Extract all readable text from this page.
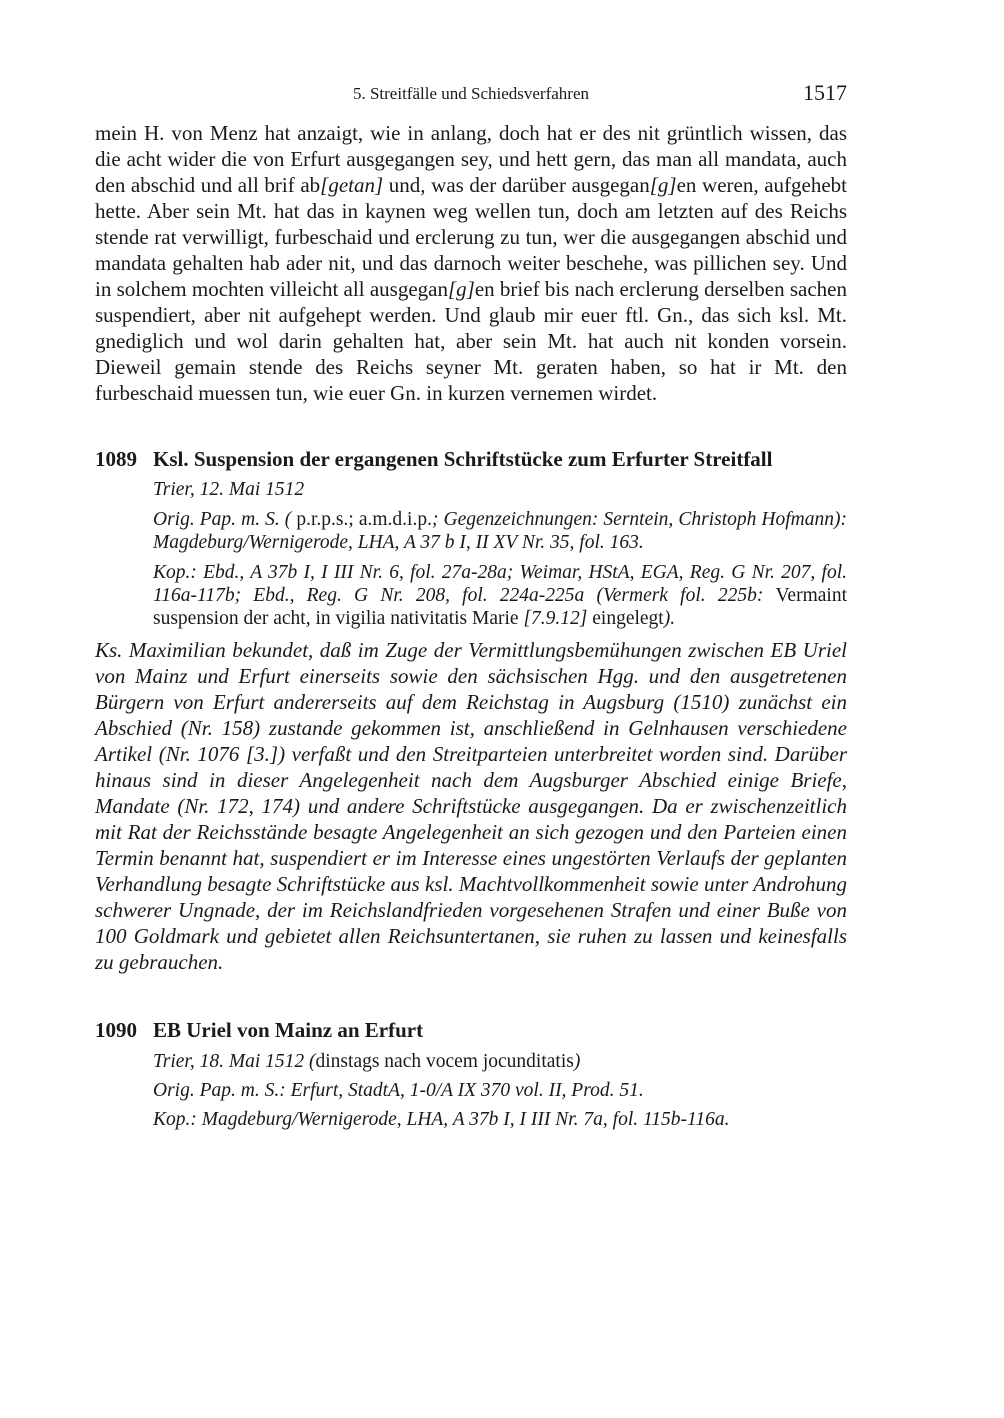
5. Streitfälle und Schiedsverfahren	1517

mein H. von Menz hat anzaigt, wie in anlang, doch hat er des nit grüntlich wissen, das die acht wider die von Erfurt ausgegangen sey, und hett gern, das man all mandata, auch den abschid und all brif ab[getan] und, was der darüber ausgegan[g]en weren, aufgehebt hette. Aber sein Mt. hat das in kaynen weg wellen tun, doch am letzten auf des Reichs stende rat verwilligt, furbeschaid und erclerung zu tun, wer die ausgegangen abschid und mandata gehalten hab ader nit, und das darnoch weiter beschehe, was pillichen sey. Und in solchem mochten villeicht all ausgegan[g]en brief bis nach erclerung derselben sachen suspendiert, aber nit aufgehept werden. Und glaub mir euer ftl. Gn., das sich ksl. Mt. gnediglich und wol darin gehalten hat, aber sein Mt. hat auch nit konden vorsein. Dieweil gemain stende des Reichs seyner Mt. geraten haben, so hat ir Mt. den furbeschaid muessen tun, wie euer Gn. in kurzen vernemen wirdet.

1089 Ksl. Suspension der ergangenen Schriftstücke zum Erfurter Streitfall

Trier, 12. Mai 1512

Orig. Pap. m. S. ( p.r.p.s.; a.m.d.i.p.; Gegenzeichnungen: Serntein, Christoph Hofmann): Magdeburg/Wernigerode, LHA, A 37 b I, II XV Nr. 35, fol. 163.

Kop.: Ebd., A 37b I, I III Nr. 6, fol. 27a-28a; Weimar, HStA, EGA, Reg. G Nr. 207, fol. 116a-117b; Ebd., Reg. G Nr. 208, fol. 224a-225a (Vermerk fol. 225b: Vermaint suspension der acht, in vigilia nativitatis Marie [7.9.12] eingelegt).

Ks. Maximilian bekundet, daß im Zuge der Vermittlungsbemühungen zwischen EB Uriel von Mainz und Erfurt einerseits sowie den sächsischen Hgg. und den ausgetretenen Bürgern von Erfurt andererseits auf dem Reichstag in Augsburg (1510) zunächst ein Abschied (Nr. 158) zustande gekommen ist, anschließend in Gelnhausen verschiedene Artikel (Nr. 1076 [3.]) verfaßt und den Streitparteien unterbreitet worden sind. Darüber hinaus sind in dieser Angelegenheit nach dem Augsburger Abschied einige Briefe, Mandate (Nr. 172, 174) und andere Schriftstücke ausgegangen. Da er zwischenzeitlich mit Rat der Reichsstände besagte Angelegenheit an sich gezogen und den Parteien einen Termin benannt hat, suspendiert er im Interesse eines ungestörten Verlaufs der geplanten Verhandlung besagte Schriftstücke aus ksl. Machtvollkommenheit sowie unter Androhung schwerer Ungnade, der im Reichslandfrieden vorgesehenen Strafen und einer Buße von 100 Goldmark und gebietet allen Reichsuntertanen, sie ruhen zu lassen und keinesfalls zu gebrauchen.

1090 EB Uriel von Mainz an Erfurt

Trier, 18. Mai 1512 (dinstags nach vocem jocunditatis)

Orig. Pap. m. S.: Erfurt, StadtA, 1-0/A IX 370 vol. II, Prod. 51.

Kop.: Magdeburg/Wernigerode, LHA, A 37b I, I III Nr. 7a, fol. 115b-116a.
